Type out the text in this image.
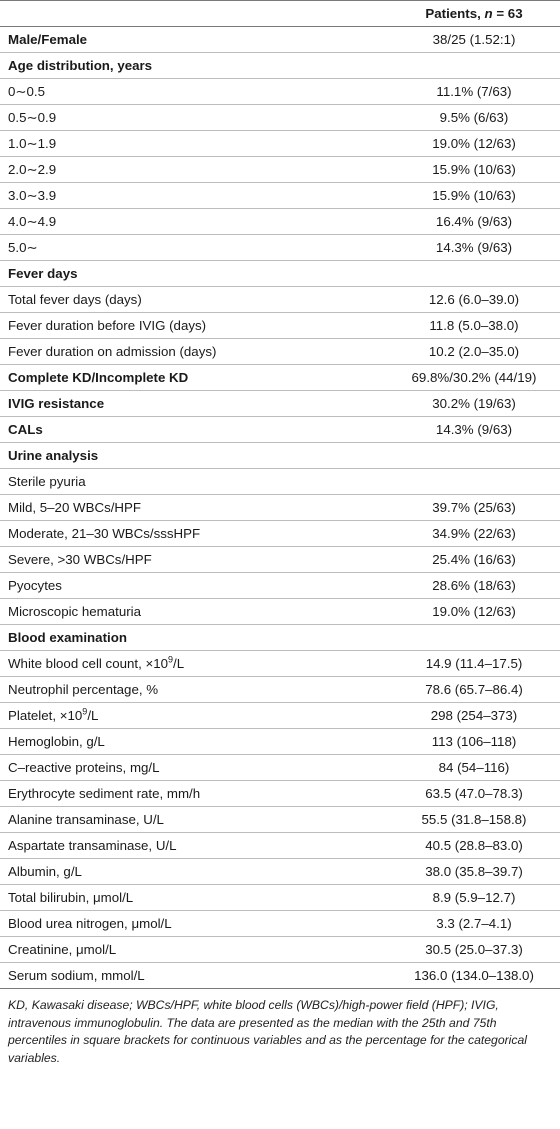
	Patients, n = 63
Male/Female	38/25 (1.52:1)
Age distribution, years	
0∼0.5	11.1% (7/63)
0.5∼0.9	9.5% (6/63)
1.0∼1.9	19.0% (12/63)
2.0∼2.9	15.9% (10/63)
3.0∼3.9	15.9% (10/63)
4.0∼4.9	16.4% (9/63)
5.0∼	14.3% (9/63)
Fever days	
Total fever days (days)	12.6 (6.0–39.0)
Fever duration before IVIG (days)	11.8 (5.0–38.0)
Fever duration on admission (days)	10.2 (2.0–35.0)
Complete KD/Incomplete KD	69.8%/30.2% (44/19)
IVIG resistance	30.2% (19/63)
CALs	14.3% (9/63)
Urine analysis	
Sterile pyuria	
Mild, 5–20 WBCs/HPF	39.7% (25/63)
Moderate, 21–30 WBCs/sssHPF	34.9% (22/63)
Severe, >30 WBCs/HPF	25.4% (16/63)
Pyocytes	28.6% (18/63)
Microscopic hematuria	19.0% (12/63)
Blood examination	
White blood cell count, $\times 10^9/L$	14.9 (11.4–17.5)
Neutrophil percentage, %	78.6 (65.7–86.4)
Platelet, $\times 10^9/L$	298 (254–373)
Hemoglobin, g/L	113 (106–118)
C–reactive proteins, mg/L	84 (54–116)
Erythrocyte sediment rate, mm/h	63.5 (47.0–78.3)
Alanine transaminase, U/L	55.5 (31.8–158.8)
Aspartate transaminase, U/L	40.5 (28.8–83.0)
Albumin, g/L	38.0 (35.8–39.7)
Total bilirubin, μmol/L	8.9 (5.9–12.7)
Blood urea nitrogen, μmol/L	3.3 (2.7–4.1)
Creatinine, μmol/L	30.5 (25.0–37.3)
Serum sodium, mmol/L	136.0 (134.0–138.0)

KD, Kawasaki disease; WBCs/HPF, white blood cells (WBCs)/high-power field (HPF); IVIG, intravenous immunoglobulin. The data are presented as the median with the 25th and 75th percentiles in square brackets for continuous variables and as the percentage for the categorical variables.
